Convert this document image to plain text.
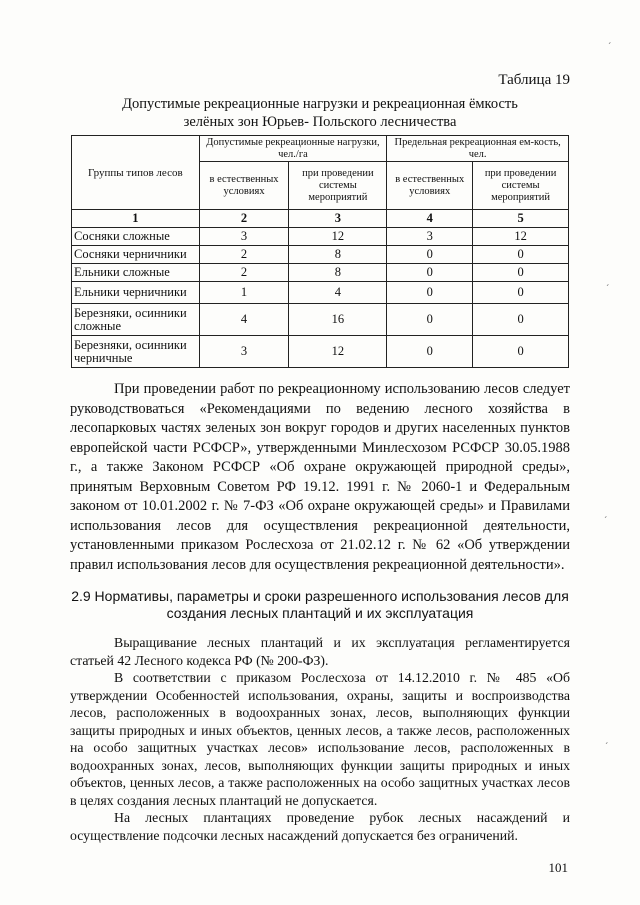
Таблица 19
Допустимые рекреационные нагрузки и рекреационная ёмкость
зелёных зон Юрьев- Польского лесничества
Группы типов лесов	Допустимые рекреационные нагрузки, чел./га		Предельная рекреационная ем-кость, чел.	
	в естественных условиях	при проведении системы мероприятий	в естественных условиях	при проведении системы мероприятий
1	2	3	4	5
Сосняки сложные	3	12	3	12
Сосняки черничники	2	8	0	0
Ельники сложные	2	8	0	0
Ельники черничники	1	4	0	0
Березняки, осинники сложные	4	16	0	0
Березняки, осинники черничные	3	12	0	0

При проведении работ по рекреационному использованию лесов следует руководствоваться «Рекомендациями по ведению лесного хозяйства в лесопарковых частях зеленых зон вокруг городов и других населенных пунктов европейской части РСФСР», утвержденными Минлесхозом РСФСР 30.05.1988 г., а также Законом РСФСР «Об охране окружающей природной среды», принятым Верховным Советом РФ 19.12. 1991 г. № 2060-1 и Федеральным законом от 10.01.2002 г. № 7-ФЗ «Об охране окружающей среды» и Правилами использования лесов для осуществления рекреационной деятельности, установленными приказом Рослесхоза от 21.02.12 г. № 62 «Об утверждении правил использования лесов для осуществления рекреационной деятельности».

2.9 Нормативы, параметры и сроки разрешенного использования лесов для создания лесных плантаций и их эксплуатация

Выращивание лесных плантаций и их эксплуатация регламентируется статьей 42 Лесного кодекса РФ (№ 200-ФЗ).

В соответствии с приказом Рослесхоза от 14.12.2010 г. № 485 «Об утверждении Особенностей использования, охраны, защиты и воспроизводства лесов, расположенных в водоохранных зонах, лесов, выполняющих функции защиты природных и иных объектов, ценных лесов, а также лесов, расположенных на особо защитных участках лесов» использование лесов, расположенных в водоохранных зонах, лесов, выполняющих функции защиты природных и иных объектов, ценных лесов, а также расположенных на особо защитных участках лесов в целях создания лесных плантаций не допускается.

На лесных плантациях проведение рубок лесных насаждений и осуществление подсочки лесных насаждений допускается без ограничений.

101
´
´
´
´
